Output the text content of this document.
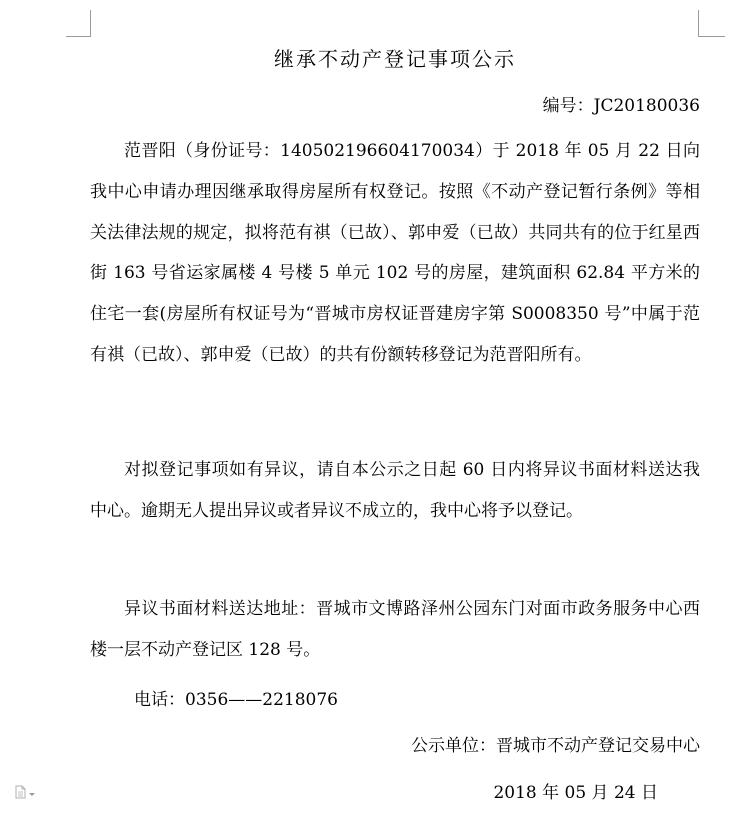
继承不动产登记事项公示
编号：JC20180036

范晋阳（身份证号：140502196604170034）于 2018 年 05 月 22 日向我中心申请办理因继承取得房屋所有权登记。按照《不动产登记暂行条例》等相关法律法规的规定，拟将范有祺（已故）、郭申爱（已故）共同共有的位于红星西街 163 号省运家属楼 4 号楼 5 单元 102 号的房屋，建筑面积 62.84 平方米的住宅一套(房屋所有权证号为“晋城市房权证晋建房字第 S0008350 号”中属于范有祺（已故）、郭申爱（已故）的共有份额转移登记为范晋阳所有。

对拟登记事项如有异议，请自本公示之日起 60 日内将异议书面材料送达我中心。逾期无人提出异议或者异议不成立的，我中心将予以登记。

异议书面材料送达地址：晋城市文博路泽州公园东门对面市政务服务中心西楼一层不动产登记区 128 号。

电话：0356——2218076
公示单位：晋城市不动产登记交易中心
2018 年 05 月 24 日
